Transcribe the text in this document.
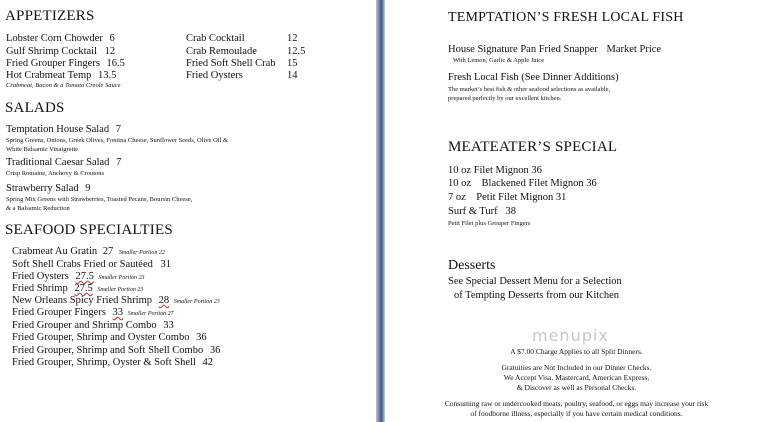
APPETIZERS
Lobster Corn Chowder 6
Gulf Shrimp Cocktail 12
Fried Grouper Fingers 16.5
Hot Crabmeat Temp 13.5
Crabmeat, Bacon & a Tomato Creole Sauce
Crab Cocktail	12
Crab Remoulade	12.5
Fried Soft Shell Crab 15
Fried Oysters	14
SALADS
Temptation House Salad 7
Spring Greens, Onions, Greek Olives, Fontina Cheese, Sunflower Seeds, Olive Oil &
White Balsamic Vinaigrette
Traditional Caesar Salad 7
Crisp Romaine, Anchovy & Croutons
Strawberry Salad 9
Spring Mix Greens with Strawberries, Toasted Pecans, Boursin Cheese,
& a Balsamic Reduction
SEAFOOD SPECIALTIES
Crabmeat Au Gratin 27 Smaller Portion 22
Soft Shell Crabs Fried or Sautéed 31
Fried Oysters 27.5 Smaller Portion 23
Fried Shrimp 27.5 Smaller Portion 23
New Orleans Spicy Fried Shrimp 28 Smaller Portion 23
Fried Grouper Fingers 33 Smaller Portion 27
Fried Grouper and Shrimp Combo 33
Fried Grouper, Shrimp and Oyster Combo 36
Fried Grouper, Shrimp and Soft Shell Combo 36
Fried Grouper, Shrimp, Oyster & Soft Shell 42
TEMPTATION’S FRESH LOCAL FISH
House Signature Pan Fried Snapper Market Price
With Lemon, Garlic & Apple Juice
Fresh Local Fish (See Dinner Additions)
The market’s best fish & other seafood selections as available,
prepared perfectly by our excellent kitchen.
MEATEATER’S SPECIAL
10 oz Filet Mignon 36
10 oz    Blackened Filet Mignon 36
7 oz    Petit Filet Mignon 31
Surf & Turf   38
Petit Filet plus Grouper Fingers
Desserts
See Special Dessert Menu for a Selection
of Tempting Desserts from our Kitchen
menupix
A $7.00 Charge Applies to all Split Dinners.
Gratuities are Not Included in our Dinner Checks.
We Accept Visa, Mastercard, American Express,
& Discover as well as Personal Checks.
Consuming raw or undercooked meats, poultry, seafood, or eggs may increase your risk
of foodborne illness, especially if you have certain medical conditions.
